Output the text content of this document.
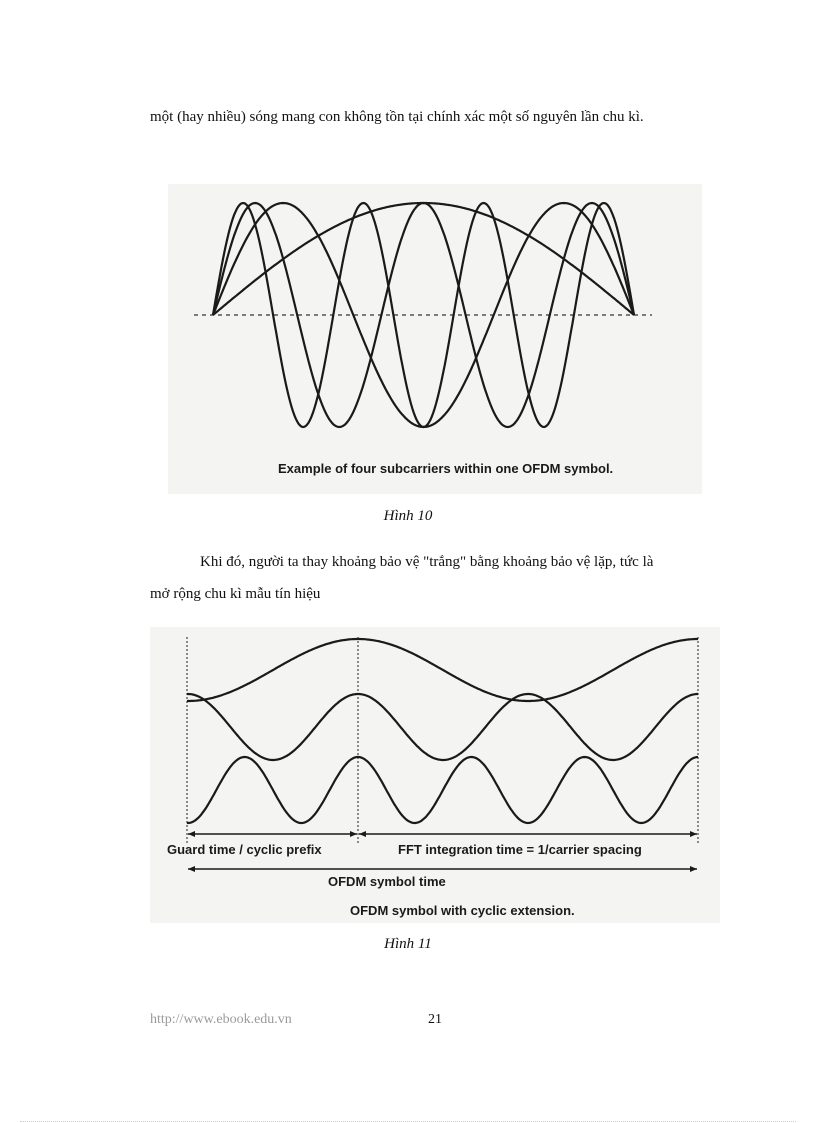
một (hay nhiều) sóng mang con không tồn tại chính xác một số nguyên lần chu kì.

Example of four subcarriers within one OFDM symbol.
Hình 10

Khi đó, người ta thay khoảng bảo vệ "trắng" bằng khoảng bảo vệ lặp, tức là mở rộng chu kì mẫu tín hiệu

Guard time / cyclic prefix	FFT integration time = 1/carrier spacing
OFDM symbol time
OFDM symbol with cyclic extension.
Hình 11
http://www.ebook.edu.vn	21
